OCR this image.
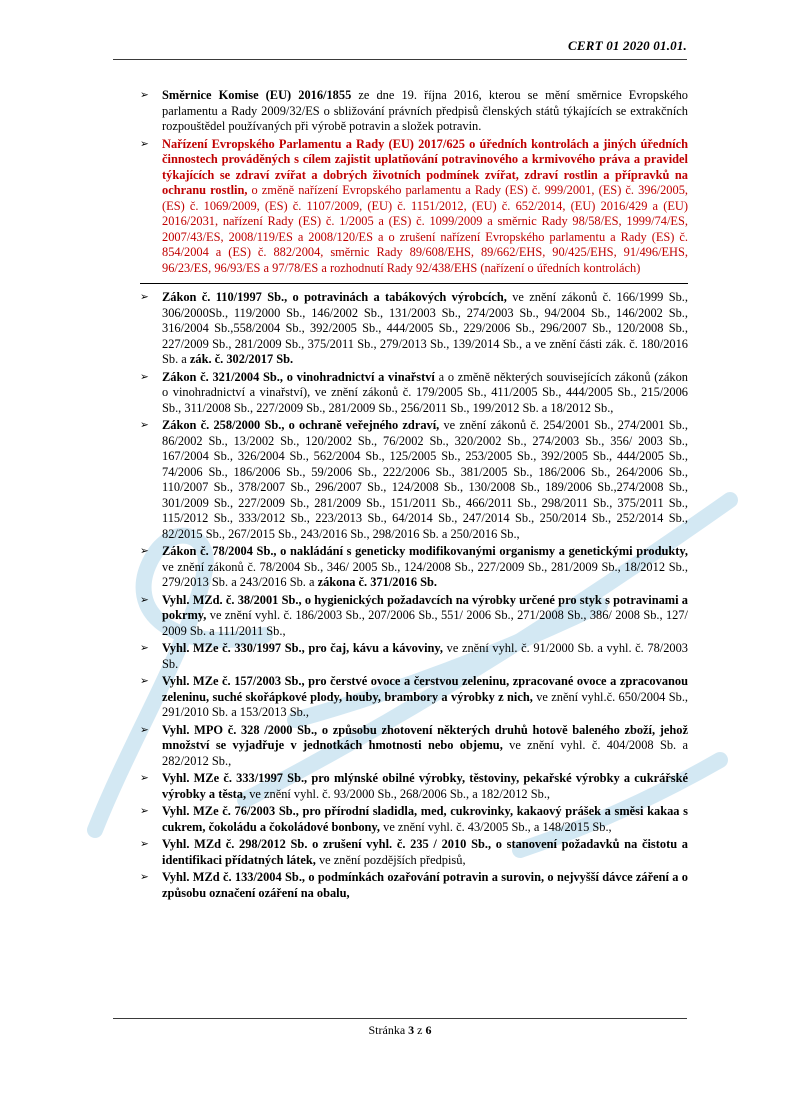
CERT 01 2020 01.01.
➢	Směrnice Komise (EU) 2016/1855 ze dne 19. října 2016, kterou se mění směrnice Evropského parlamentu a Rady 2009/32/ES o sbližování právních předpisů členských států týkajících se extrakčních rozpouštědel používaných při výrobě potravin a složek potravin.
➢	Nařízení Evropského Parlamentu a Rady (EU) 2017/625 o úředních kontrolách a jiných úředních činnostech prováděných s cílem zajistit uplatňování potravinového a krmivového práva a pravidel týkajících se zdraví zvířat a dobrých životních podmínek zvířat, zdraví rostlin a přípravků na ochranu rostlin, o změně nařízení Evropského parlamentu a Rady (ES) č. 999/2001, (ES) č. 396/2005, (ES) č. 1069/2009, (ES) č. 1107/2009, (EU) č. 1151/2012, (EU) č. 652/2014, (EU) 2016/429 a (EU) 2016/2031, nařízení Rady (ES) č. 1/2005 a (ES) č. 1099/2009 a směrnic Rady 98/58/ES, 1999/74/ES, 2007/43/ES, 2008/119/ES a 2008/120/ES a o zrušení nařízení Evropského parlamentu a Rady (ES) č. 854/2004 a (ES) č. 882/2004, směrnic Rady 89/608/EHS, 89/662/EHS, 90/425/EHS, 91/496/EHS, 96/23/ES, 96/93/ES a 97/78/ES a rozhodnutí Rady 92/438/EHS (nařízení o úředních kontrolách)
➢	Zákon č. 110/1997 Sb., o potravinách a tabákových výrobcích, ve znění zákonů č. 166/1999 Sb., 306/2000Sb., 119/2000 Sb., 146/2002 Sb., 131/2003 Sb., 274/2003 Sb., 94/2004 Sb., 146/2002 Sb., 316/2004 Sb.,558/2004 Sb., 392/2005 Sb., 444/2005 Sb., 229/2006 Sb., 296/2007 Sb., 120/2008 Sb., 227/2009 Sb., 281/2009 Sb., 375/2011 Sb., 279/2013 Sb., 139/2014 Sb., a ve znění části zák. č. 180/2016 Sb. a zák. č. 302/2017 Sb.
➢	Zákon č. 321/2004 Sb., o vinohradnictví a vinařství a o změně některých souvisejících zákonů (zákon o vinohradnictví a vinařství), ve znění zákonů č. 179/2005 Sb., 411/2005 Sb., 444/2005 Sb., 215/2006 Sb., 311/2008 Sb., 227/2009 Sb., 281/2009 Sb., 256/2011 Sb., 199/2012 Sb. a 18/2012 Sb.,
➢	Zákon č. 258/2000 Sb., o ochraně veřejného zdraví, ve znění zákonů č. 254/2001 Sb., 274/2001 Sb., 86/2002 Sb., 13/2002 Sb., 120/2002 Sb., 76/2002 Sb., 320/2002 Sb., 274/2003 Sb., 356/ 2003 Sb., 167/2004 Sb., 326/2004 Sb., 562/2004 Sb., 125/2005 Sb., 253/2005 Sb., 392/2005 Sb., 444/2005 Sb., 74/2006 Sb., 186/2006 Sb., 59/2006 Sb., 222/2006 Sb., 381/2005 Sb., 186/2006 Sb., 264/2006 Sb., 110/2007 Sb., 378/2007 Sb., 296/2007 Sb., 124/2008 Sb., 130/2008 Sb., 189/2006 Sb.,274/2008 Sb., 301/2009 Sb., 227/2009 Sb., 281/2009 Sb., 151/2011 Sb., 466/2011 Sb., 298/2011 Sb., 375/2011 Sb., 115/2012 Sb., 333/2012 Sb., 223/2013 Sb., 64/2014 Sb., 247/2014 Sb., 250/2014 Sb., 252/2014 Sb., 82/2015 Sb., 267/2015 Sb., 243/2016 Sb., 298/2016 Sb. a 250/2016 Sb.,
➢	Zákon č. 78/2004 Sb., o nakládání s geneticky modifikovanými organismy a genetickými produkty, ve znění zákonů č. 78/2004 Sb., 346/ 2005 Sb., 124/2008 Sb., 227/2009 Sb., 281/2009 Sb., 18/2012 Sb., 279/2013 Sb. a 243/2016 Sb. a zákona č. 371/2016 Sb.
➢	Vyhl. MZd. č. 38/2001 Sb., o hygienických požadavcích na výrobky určené pro styk s potravinami a pokrmy, ve znění vyhl. č. 186/2003 Sb., 207/2006 Sb., 551/ 2006 Sb., 271/2008 Sb., 386/ 2008 Sb., 127/ 2009 Sb. a 111/2011 Sb.,
➢	Vyhl. MZe č. 330/1997 Sb., pro čaj, kávu a kávoviny, ve znění vyhl. č. 91/2000 Sb. a vyhl. č. 78/2003 Sb.
➢	Vyhl. MZe č. 157/2003 Sb., pro čerstvé ovoce a čerstvou zeleninu, zpracované ovoce a zpracovanou zeleninu, suché skořápkové plody, houby, brambory a výrobky z nich, ve znění vyhl.č. 650/2004 Sb., 291/2010 Sb. a 153/2013 Sb.,
➢	Vyhl. MPO č. 328 /2000 Sb., o způsobu zhotovení některých druhů hotově baleného zboží, jehož množství se vyjadřuje v jednotkách hmotnosti nebo objemu, ve znění vyhl. č. 404/2008 Sb. a 282/2012 Sb.,
➢	Vyhl. MZe č. 333/1997 Sb., pro mlýnské obilné výrobky, těstoviny, pekařské výrobky a cukrářské výrobky a těsta, ve znění vyhl. č. 93/2000 Sb., 268/2006 Sb., a 182/2012 Sb.,
➢	Vyhl. MZe č. 76/2003 Sb., pro přírodní sladidla, med, cukrovinky, kakaový prášek a směsi kakaa s cukrem, čokoládu a čokoládové bonbony, ve znění vyhl. č. 43/2005 Sb., a 148/2015 Sb.,
➢	Vyhl. MZd č. 298/2012 Sb. o zrušení vyhl. č. 235 / 2010 Sb., o stanovení požadavků na čistotu a identifikaci přídatných látek, ve znění pozdějších předpisů,
➢	Vyhl. MZd č. 133/2004 Sb., o podmínkách ozařování potravin a surovin, o nejvyšší dávce záření a o způsobu označení ozáření na obalu,
Stránka 3 z 6
